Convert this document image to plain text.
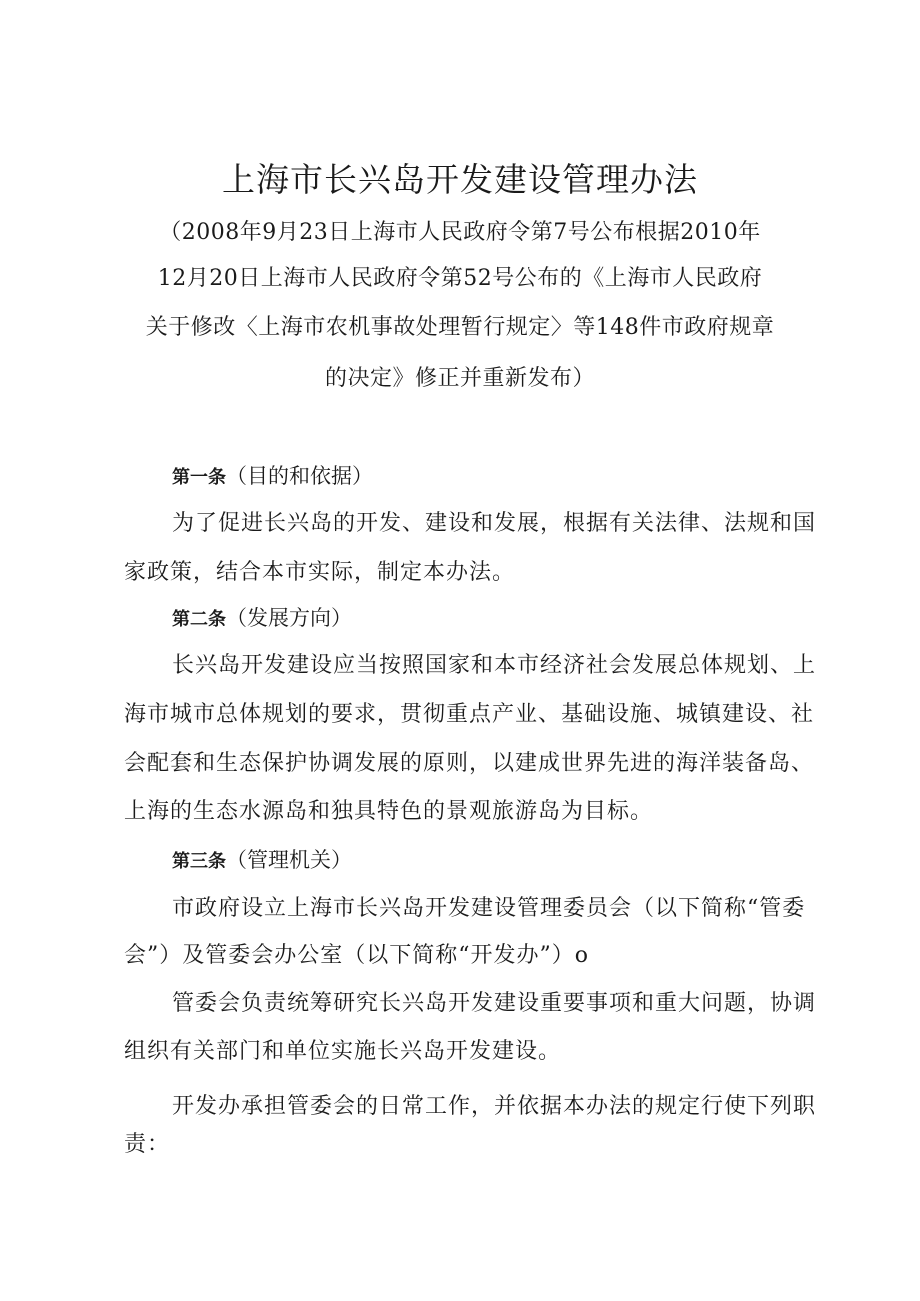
上海市长兴岛开发建设管理办法
（2008年9月23日上海市人民政府令第7号公布根据2010年
12月20日上海市人民政府令第52号公布的《上海市人民政府
关于修改〈上海市农机事故处理暂行规定〉等148件市政府规章
的决定》修正并重新发布）
第一条（目的和依据）
为了促进长兴岛的开发、建设和发展，根据有关法律、法规和国
家政策，结合本市实际，制定本办法。
第二条（发展方向）
长兴岛开发建设应当按照国家和本市经济社会发展总体规划、上
海市城市总体规划的要求，贯彻重点产业、基础设施、城镇建设、社
会配套和生态保护协调发展的原则，以建成世界先进的海洋装备岛、
上海的生态水源岛和独具特色的景观旅游岛为目标。
第三条（管理机关）
市政府设立上海市长兴岛开发建设管理委员会（以下简称“管委
会”）及管委会办公室（以下简称“开发办”）o
管委会负责统筹研究长兴岛开发建设重要事项和重大问题，协调
组织有关部门和单位实施长兴岛开发建设。
开发办承担管委会的日常工作，并依据本办法的规定行使下列职
责：
